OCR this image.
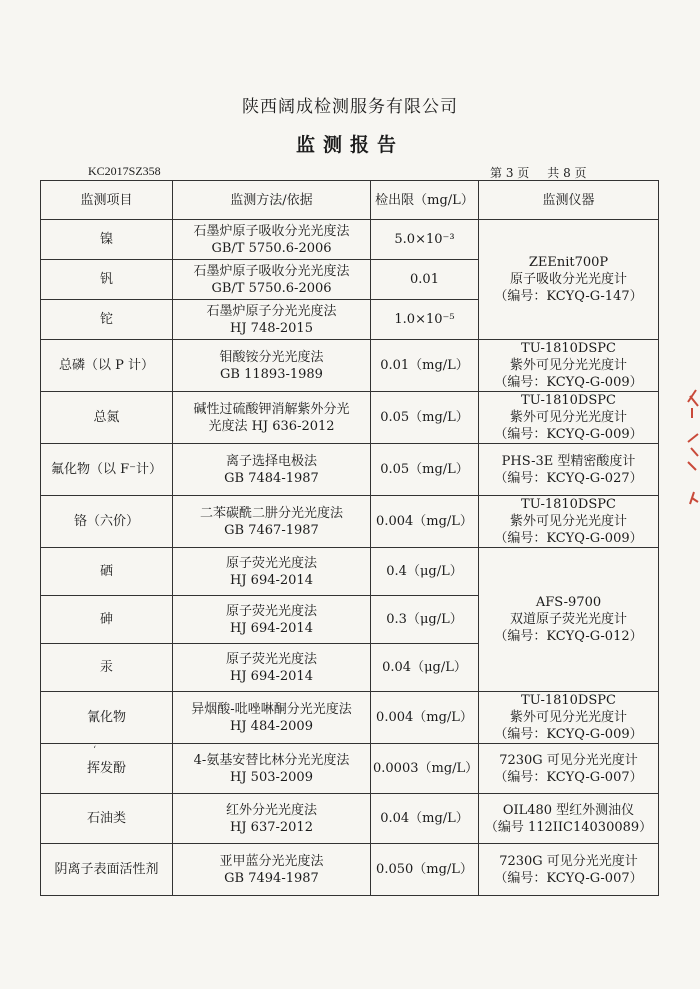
陕西阔成检测服务有限公司
监测报告
KC2017SZ358	第 3 页 共 8 页
监测项目	监测方法/依据	检出限（mg/L）	监测仪器
镍	石墨炉原子吸收分光光度法
GB/T 5750.6-2006	5.0×10⁻³	ZEEnit700P
原子吸收分光光度计
（编号：KCYQ-G-147）

钒	石墨炉原子吸收分光光度法
GB/T 5750.6-2006	0.01	
铊	石墨炉原子分光光度法
HJ 748-2015	1.0×10⁻⁵	
总磷（以 P 计）	钼酸铵分光光度法
GB 11893-1989	0.01（mg/L）	TU-1810DSPC
紫外可见分光光度计
（编号：KCYQ-G-009）

总氮	碱性过硫酸钾消解紫外分光
光度法 HJ 636-2012	0.05（mg/L）	TU-1810DSPC
紫外可见分光光度计
（编号：KCYQ-G-009）

氟化物（以 F⁻计）	离子选择电极法
GB 7484-1987	0.05（mg/L）	PHS-3E 型精密酸度计
（编号：KCYQ-G-027）

铬（六价）	二苯碳酰二肼分光光度法
GB 7467-1987	0.004（mg/L）	TU-1810DSPC
紫外可见分光光度计
（编号：KCYQ-G-009）

硒	原子荧光光度法
HJ 694-2014	0.4（μg/L）	AFS-9700
双道原子荧光光度计
（编号：KCYQ-G-012）

砷	原子荧光光度法
HJ 694-2014	0.3（μg/L）	
汞	原子荧光光度法
HJ 694-2014	0.04（μg/L）	
氰化物	异烟酸-吡唑啉酮分光光度法
HJ 484-2009	0.004（mg/L）	TU-1810DSPC
紫外可见分光光度计
（编号：KCYQ-G-009）

挥发酚	4-氨基安替比林分光光度法
HJ 503-2009	0.0003（mg/L）	7230G 可见分光光度计
（编号：KCYQ-G-007）

石油类	红外分光光度法
HJ 637-2012	0.04（mg/L）	OIL480 型红外测油仪
（编号 112IIC14030089）

阴离子表面活性剂	亚甲蓝分光光度法
GB 7494-1987	0.050（mg/L）	7230G 可见分光光度计
（编号：KCYQ-G-007）
‘
